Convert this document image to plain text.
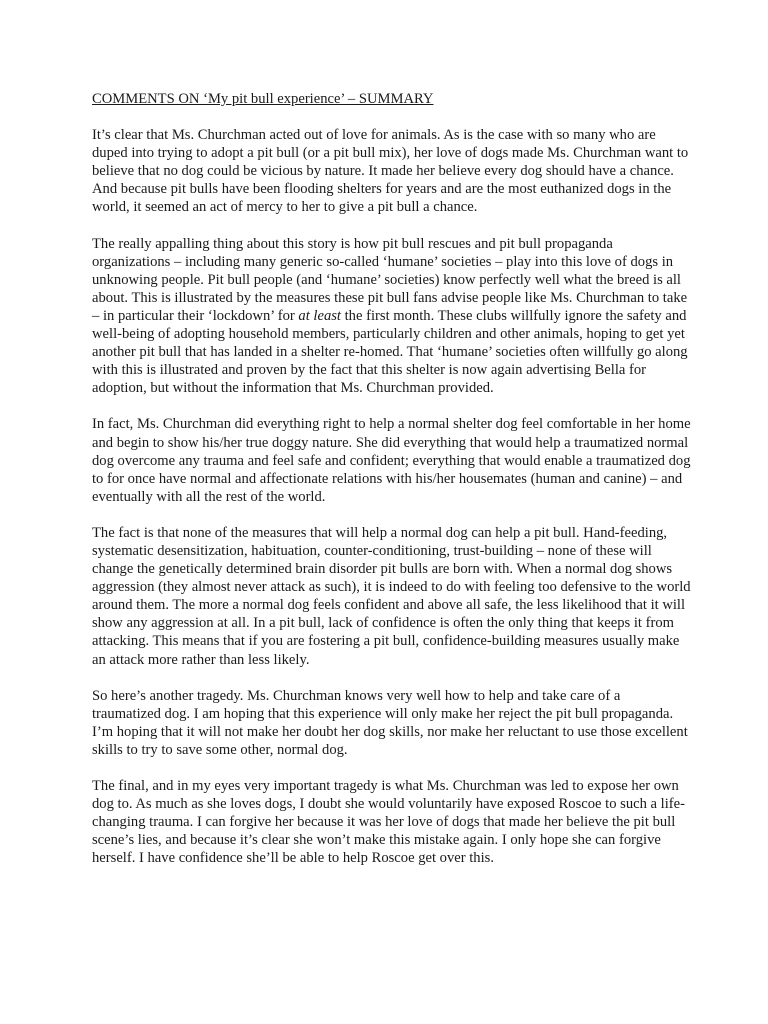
COMMENTS ON ‘My pit bull experience’ – SUMMARY

It’s clear that Ms. Churchman acted out of love for animals. As is the case with so many who are duped into trying to adopt a pit bull (or a pit bull mix), her love of dogs made Ms. Churchman want to believe that no dog could be vicious by nature. It made her believe every dog should have a chance. And because pit bulls have been flooding shelters for years and are the most euthanized dogs in the world, it seemed an act of mercy to her to give a pit bull a chance.

The really appalling thing about this story is how pit bull rescues and pit bull propaganda organizations – including many generic so-called ‘humane’ societies – play into this love of dogs in unknowing people. Pit bull people (and ‘humane’ societies) know perfectly well what the breed is all about. This is illustrated by the measures these pit bull fans advise people like Ms. Churchman to take – in particular their ‘lockdown’ for at least the first month. These clubs willfully ignore the safety and well-being of adopting household members, particularly children and other animals, hoping to get yet another pit bull that has landed in a shelter re-homed. That ‘humane’ societies often willfully go along with this is illustrated and proven by the fact that this shelter is now again advertising Bella for adoption, but without the information that Ms. Churchman provided.

In fact, Ms. Churchman did everything right to help a normal shelter dog feel comfortable in her home and begin to show his/her true doggy nature. She did everything that would help a traumatized normal dog overcome any trauma and feel safe and confident; everything that would enable a traumatized dog to for once have normal and affectionate relations with his/her housemates (human and canine) – and eventually with all the rest of the world.

The fact is that none of the measures that will help a normal dog can help a pit bull. Hand-feeding, systematic desensitization, habituation, counter-conditioning, trust-building – none of these will change the genetically determined brain disorder pit bulls are born with. When a normal dog shows aggression (they almost never attack as such), it is indeed to do with feeling too defensive to the world around them. The more a normal dog feels confident and above all safe, the less likelihood that it will show any aggression at all. In a pit bull, lack of confidence is often the only thing that keeps it from attacking. This means that if you are fostering a pit bull, confidence-building measures usually make an attack more rather than less likely.

So here’s another tragedy. Ms. Churchman knows very well how to help and take care of a traumatized dog. I am hoping that this experience will only make her reject the pit bull propaganda. I’m hoping that it will not make her doubt her dog skills, nor make her reluctant to use those excellent skills to try to save some other, normal dog.

The final, and in my eyes very important tragedy is what Ms. Churchman was led to expose her own dog to. As much as she loves dogs, I doubt she would voluntarily have exposed Roscoe to such a life-changing trauma. I can forgive her because it was her love of dogs that made her believe the pit bull scene’s lies, and because it’s clear she won’t make this mistake again. I only hope she can forgive herself. I have confidence she’ll be able to help Roscoe get over this.
